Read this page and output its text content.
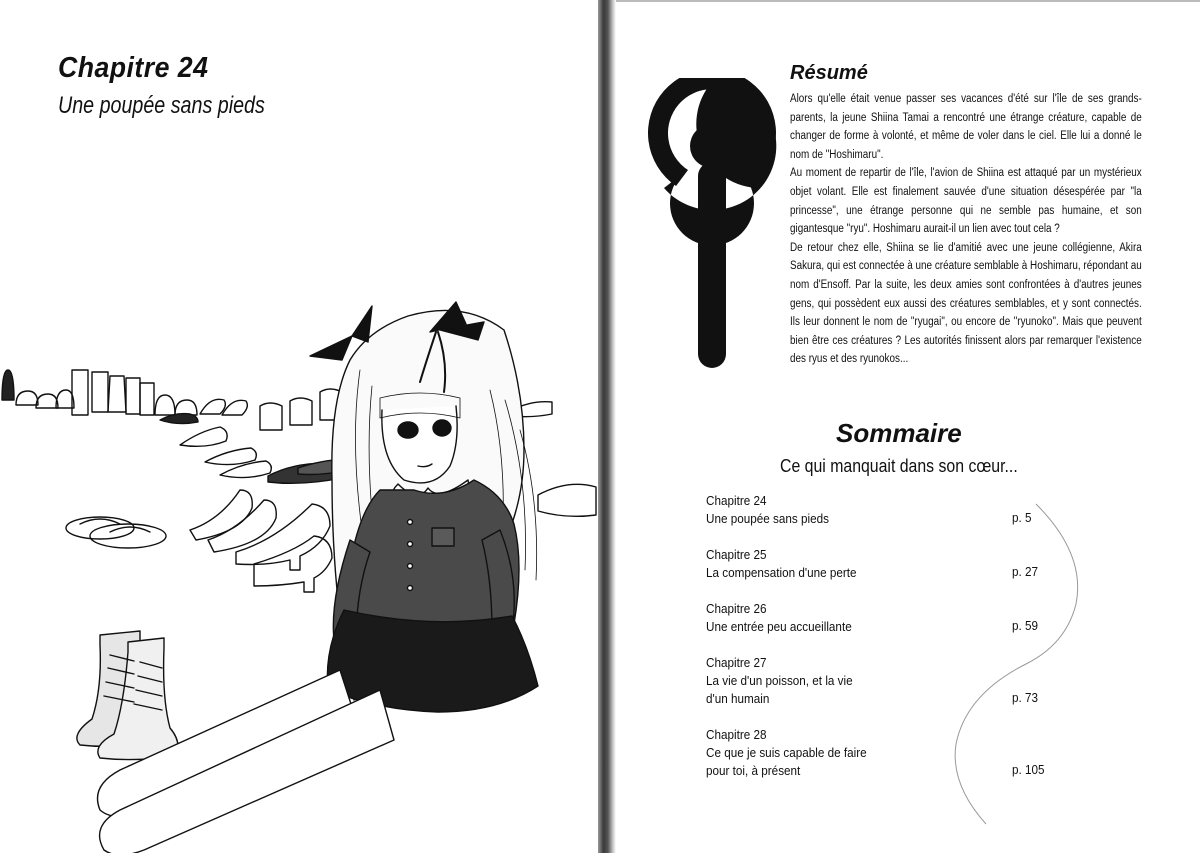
Chapitre 24
Une poupée sans pieds
Résumé

Alors qu'elle était venue passer ses vacances d'été sur l'île de ses grands-parents, la jeune Shiina Tamai a rencontré une étrange créature, capable de changer de forme à volonté, et même de voler dans le ciel. Elle lui a donné le nom de "Hoshimaru".

Au moment de repartir de l'île, l'avion de Shiina est attaqué par un mystérieux objet volant. Elle est finalement sauvée d'une situation désespérée par "la princesse", une étrange personne qui ne semble pas humaine, et son gigantesque "ryu". Hoshimaru aurait-il un lien avec tout cela ?

De retour chez elle, Shiina se lie d'amitié avec une jeune collégienne, Akira Sakura, qui est connectée à une créature semblable à Hoshimaru, répondant au nom d'Ensoff. Par la suite, les deux amies sont confrontées à d'autres jeunes gens, qui possèdent eux aussi des créatures semblables, et y sont connectés. Ils leur donnent le nom de "ryugai", ou encore de "ryunoko". Mais que peuvent bien être ces créatures ? Les autorités finissent alors par remarquer l'existence des ryus et des ryunokos...

Sommaire
Ce qui manquait dans son cœur...
Chapitre 24
Une poupée sans pieds	p. 5
Chapitre 25
La compensation d'une perte	p. 27
Chapitre 26
Une entrée peu accueillante	p. 59
Chapitre 27
La vie d'un poisson, et la vie
d'un humain	p. 73
Chapitre 28
Ce que je suis capable de faire
pour toi, à présent	p. 105
